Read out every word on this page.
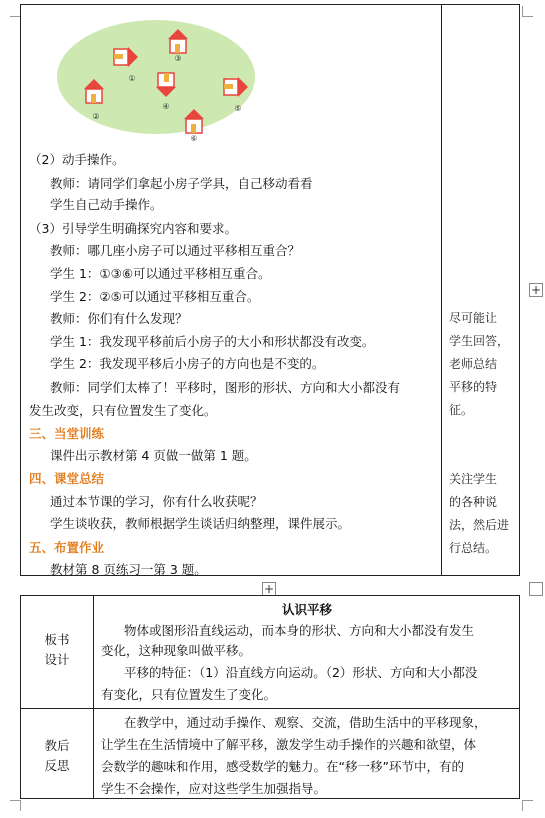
①
③
②
④	⑤
⑥
（2）动手操作。
教师：请同学们拿起小房子学具，自己移动看看
学生自己动手操作。
（3）引导学生明确探究内容和要求。
教师：哪几座小房子可以通过平移相互重合？
学生 1：①③⑥可以通过平移相互重合。
学生 2：②⑤可以通过平移相互重合。
教师：你们有什么发现？
学生 1：我发现平移前后小房子的大小和形状都没有改变。
学生 2：我发现平移后小房子的方向也是不变的。
教师：同学们太棒了！平移时，图形的形状、方向和大小都没有
发生改变，只有位置发生了变化。
三、当堂训练
课件出示教材第 4 页做一做第 1 题。
四、课堂总结
通过本节课的学习，你有什么收获呢？
学生谈收获，教师根据学生谈话归纳整理，课件展示。
五、布置作业
教材第 8 页练习一第 3 题。
尽可能让
学生回答，
老师总结
平移的特
征。
关注学生
的各种说
法，然后进
行总结。
+
+
板书
设计
认识平移
物体或图形沿直线运动，而本身的形状、方向和大小都没有发生
变化，这种现象叫做平移。
平移的特征：（1）沿直线方向运动。（2）形状、方向和大小都没
有变化，只有位置发生了变化。
教后
反思
在教学中，通过动手操作、观察、交流，借助生活中的平移现象，
让学生在生活情境中了解平移，激发学生动手操作的兴趣和欲望，体
会数学的趣味和作用，感受数学的魅力。在“移一移”环节中，有的
学生不会操作，应对这些学生加强指导。
